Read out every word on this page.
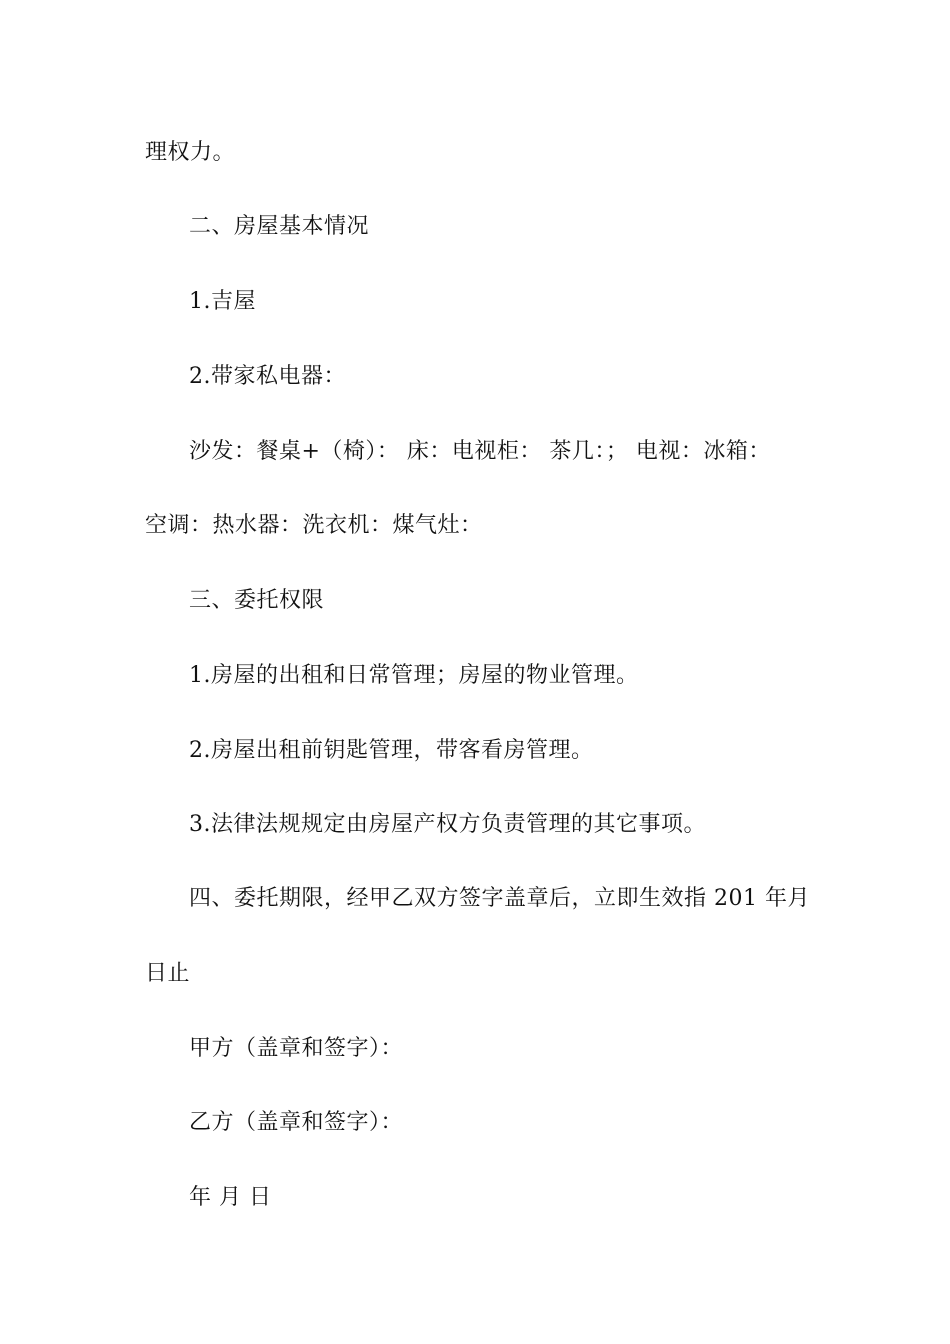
理权力。
二、房屋基本情况
1.吉屋
2.带家私电器：
沙发：餐桌+（椅）： 床：电视柜： 茶几：； 电视：冰箱：
空调：热水器：洗衣机：煤气灶：
三、委托权限
1.房屋的出租和日常管理；房屋的物业管理。
2.房屋出租前钥匙管理，带客看房管理。
3.法律法规规定由房屋产权方负责管理的其它事项。
四、委托期限，经甲乙双方签字盖章后，立即生效指 201 年月
日止
甲方（盖章和签字）：
乙方（盖章和签字）：
年 月 日
